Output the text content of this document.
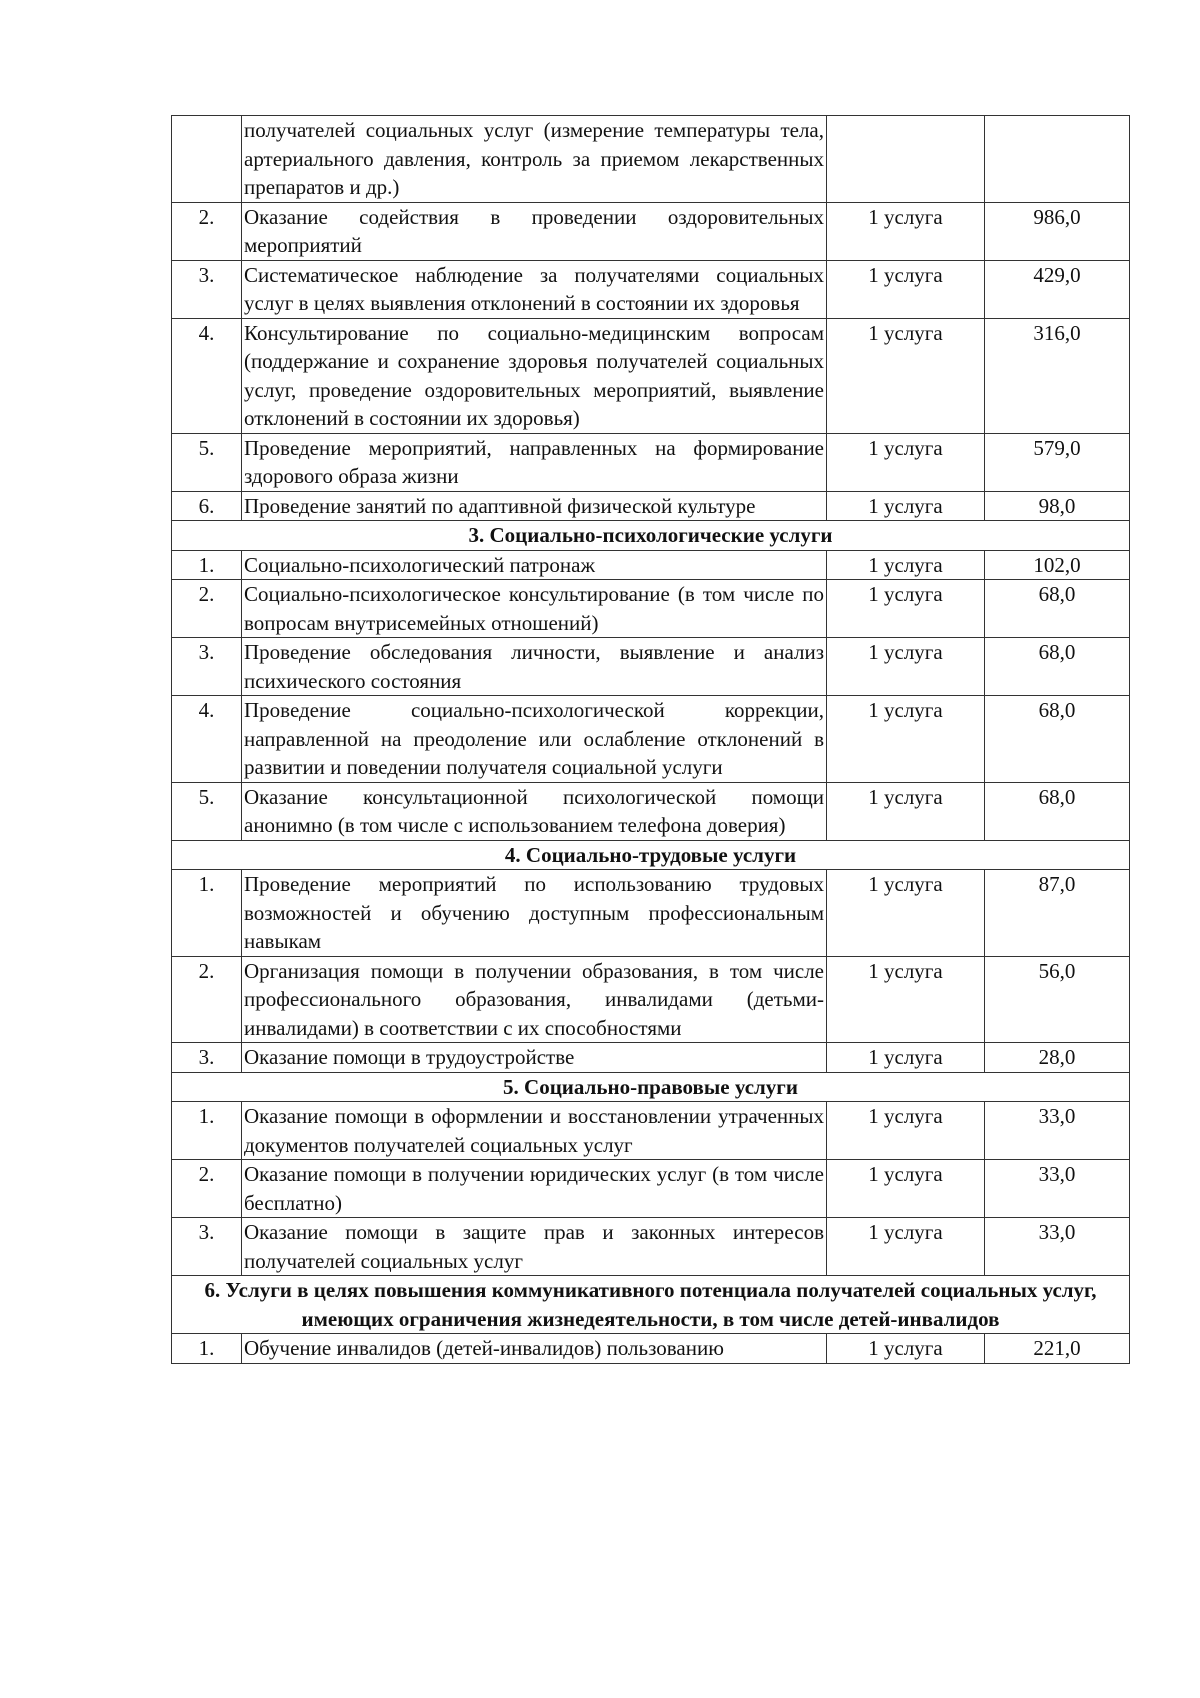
	получателей социальных услуг (измерение температуры тела, артериального давления, контроль за приемом лекарственных препаратов и др.)		
2.	Оказание содействия в проведении оздоровительных мероприятий	1 услуга	986,0
3.	Систематическое наблюдение за получателями социальных услуг в целях выявления отклонений в состоянии их здоровья	1 услуга	429,0
4.	Консультирование по социально-медицинским вопросам (поддержание и сохранение здоровья получателей социальных услуг, проведение оздоровительных мероприятий, выявление отклонений в состоянии их здоровья)	1 услуга	316,0
5.	Проведение мероприятий, направленных на формирование здорового образа жизни	1 услуга	579,0
6.	Проведение занятий по адаптивной физической культуре	1 услуга	98,0
3. Социально-психологические услуги			
1.	Социально-психологический патронаж	1 услуга	102,0
2.	Социально-психологическое консультирование (в том числе по вопросам внутрисемейных отношений)	1 услуга	68,0
3.	Проведение обследования личности, выявление и анализ психического состояния	1 услуга	68,0
4.	Проведение социально-психологической коррекции, направленной на преодоление или ослабление отклонений в развитии и поведении получателя социальной услуги	1 услуга	68,0
5.	Оказание консультационной психологической помощи анонимно (в том числе с использованием телефона доверия)	1 услуга	68,0
4. Социально-трудовые услуги			
1.	Проведение мероприятий по использованию трудовых возможностей и обучению доступным профессиональным навыкам	1 услуга	87,0
2.	Организация помощи в получении образования, в том числе профессионального образования, инвалидами (детьми-инвалидами) в соответствии с их способностями	1 услуга	56,0
3.	Оказание помощи в трудоустройстве	1 услуга	28,0
5. Социально-правовые услуги			
1.	Оказание помощи в оформлении и восстановлении утраченных документов получателей социальных услуг	1 услуга	33,0
2.	Оказание помощи в получении юридических услуг (в том числе бесплатно)	1 услуга	33,0
3.	Оказание помощи в защите прав и законных интересов получателей социальных услуг	1 услуга	33,0
6. Услуги в целях повышения коммуникативного потенциала получателей социальных услуг, имеющих ограничения жизнедеятельности, в том числе детей-инвалидов			
1.	Обучение инвалидов (детей-инвалидов) пользованию	1 услуга	221,0
